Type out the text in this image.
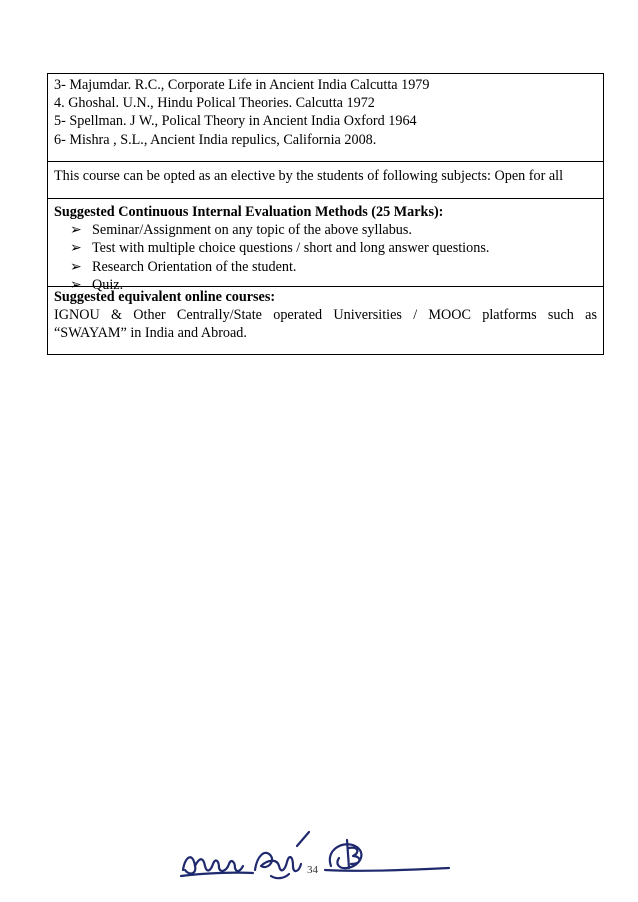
3- Majumdar. R.C., Corporate Life in Ancient India Calcutta 1979
4. Ghoshal. U.N., Hindu Polical Theories. Calcutta 1972
5- Spellman. J W., Polical Theory in Ancient India Oxford 1964
6- Mishra , S.L., Ancient India repulics, California 2008.
This course can be opted as an elective by the students of following subjects: Open for all
Suggested Continuous Internal Evaluation Methods (25 Marks):
➢ Seminar/Assignment on any topic of the above syllabus.
➢ Test with multiple choice questions / short and long answer questions.
➢ Research Orientation of the student.
➢ Quiz.
Suggested equivalent online courses:
IGNOU & Other Centrally/State operated Universities / MOOC platforms such as
“SWAYAM” in India and Abroad.
34
